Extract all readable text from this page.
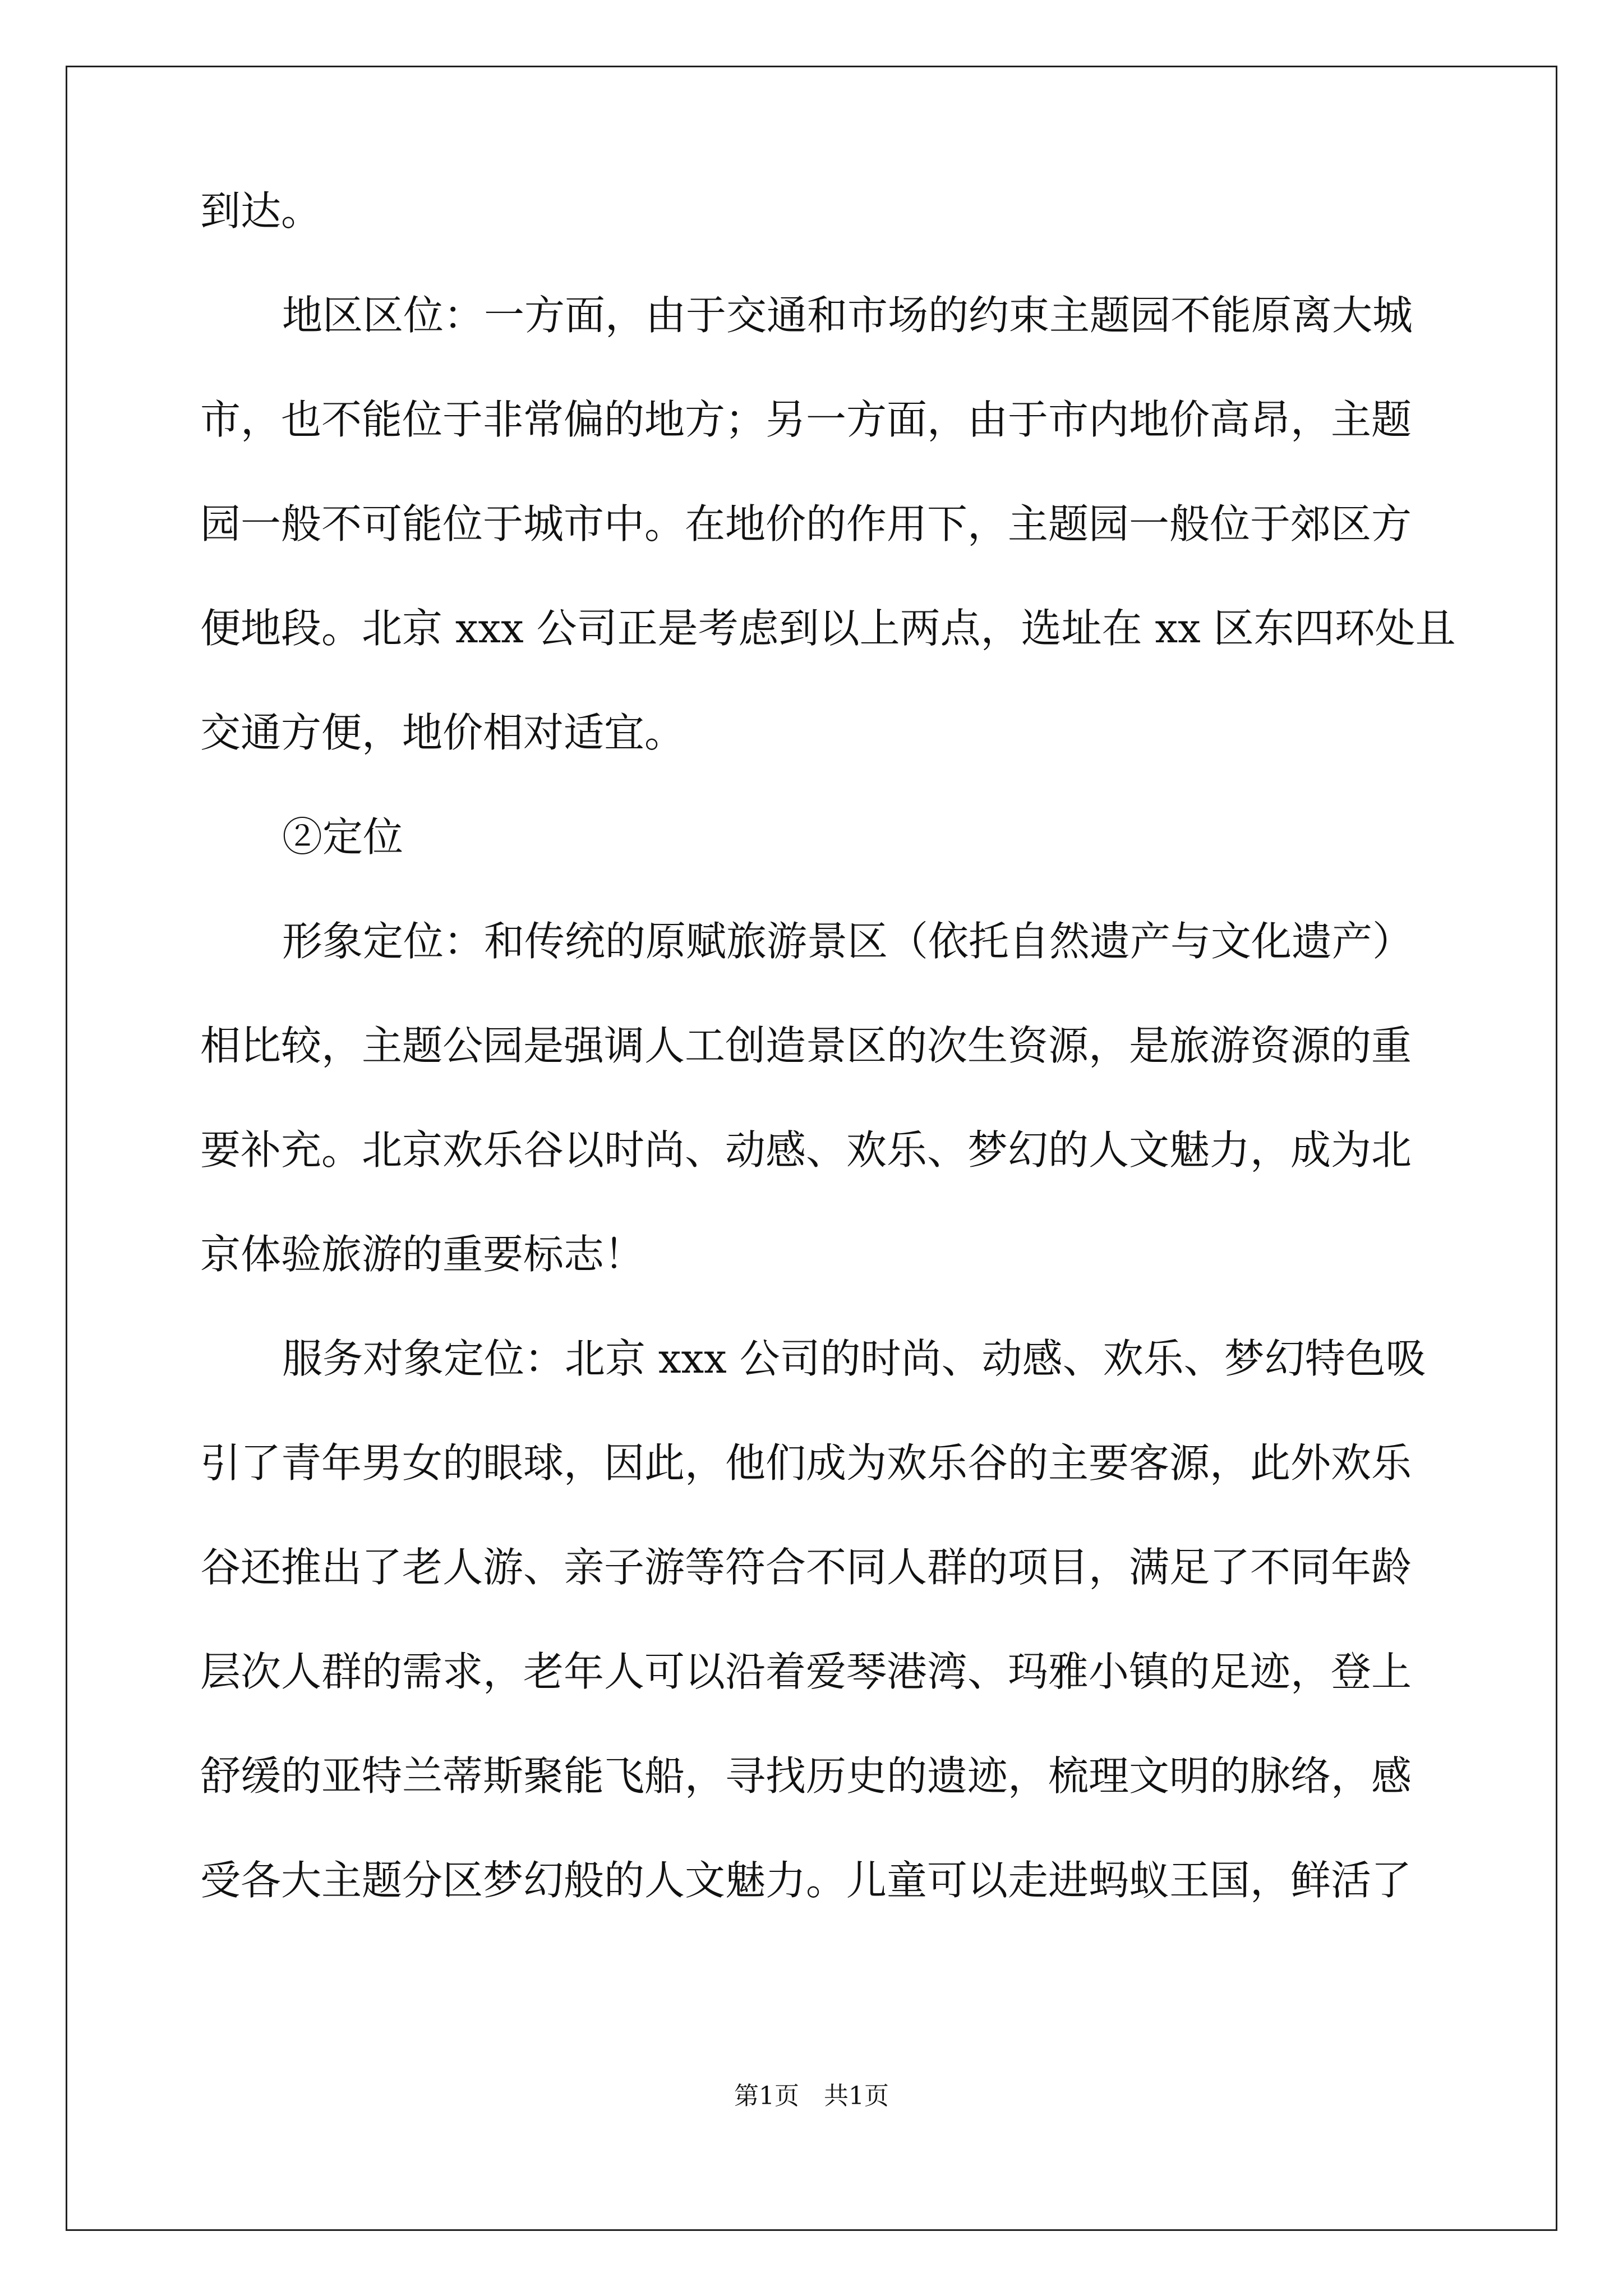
到达。
地区区位：一方面，由于交通和市场的约束主题园不能原离大城
市，也不能位于非常偏的地方；另一方面，由于市内地价高昂，主题
园一般不可能位于城市中。在地价的作用下，主题园一般位于郊区方
便地段。北京 xxx 公司正是考虑到以上两点，选址在 xx 区东四环处且
交通方便，地价相对适宜。
②定位
形象定位：和传统的原赋旅游景区（依托自然遗产与文化遗产）
相比较，主题公园是强调人工创造景区的次生资源，是旅游资源的重
要补充。北京欢乐谷以时尚、动感、欢乐、梦幻的人文魅力，成为北
京体验旅游的重要标志！
服务对象定位：北京 xxx 公司的时尚、动感、欢乐、梦幻特色吸
引了青年男女的眼球，因此，他们成为欢乐谷的主要客源，此外欢乐
谷还推出了老人游、亲子游等符合不同人群的项目，满足了不同年龄
层次人群的需求，老年人可以沿着爱琴港湾、玛雅小镇的足迹，登上
舒缓的亚特兰蒂斯聚能飞船，寻找历史的遗迹，梳理文明的脉络，感
受各大主题分区梦幻般的人文魅力。儿童可以走进蚂蚁王国，鲜活了
第1页　共1页
